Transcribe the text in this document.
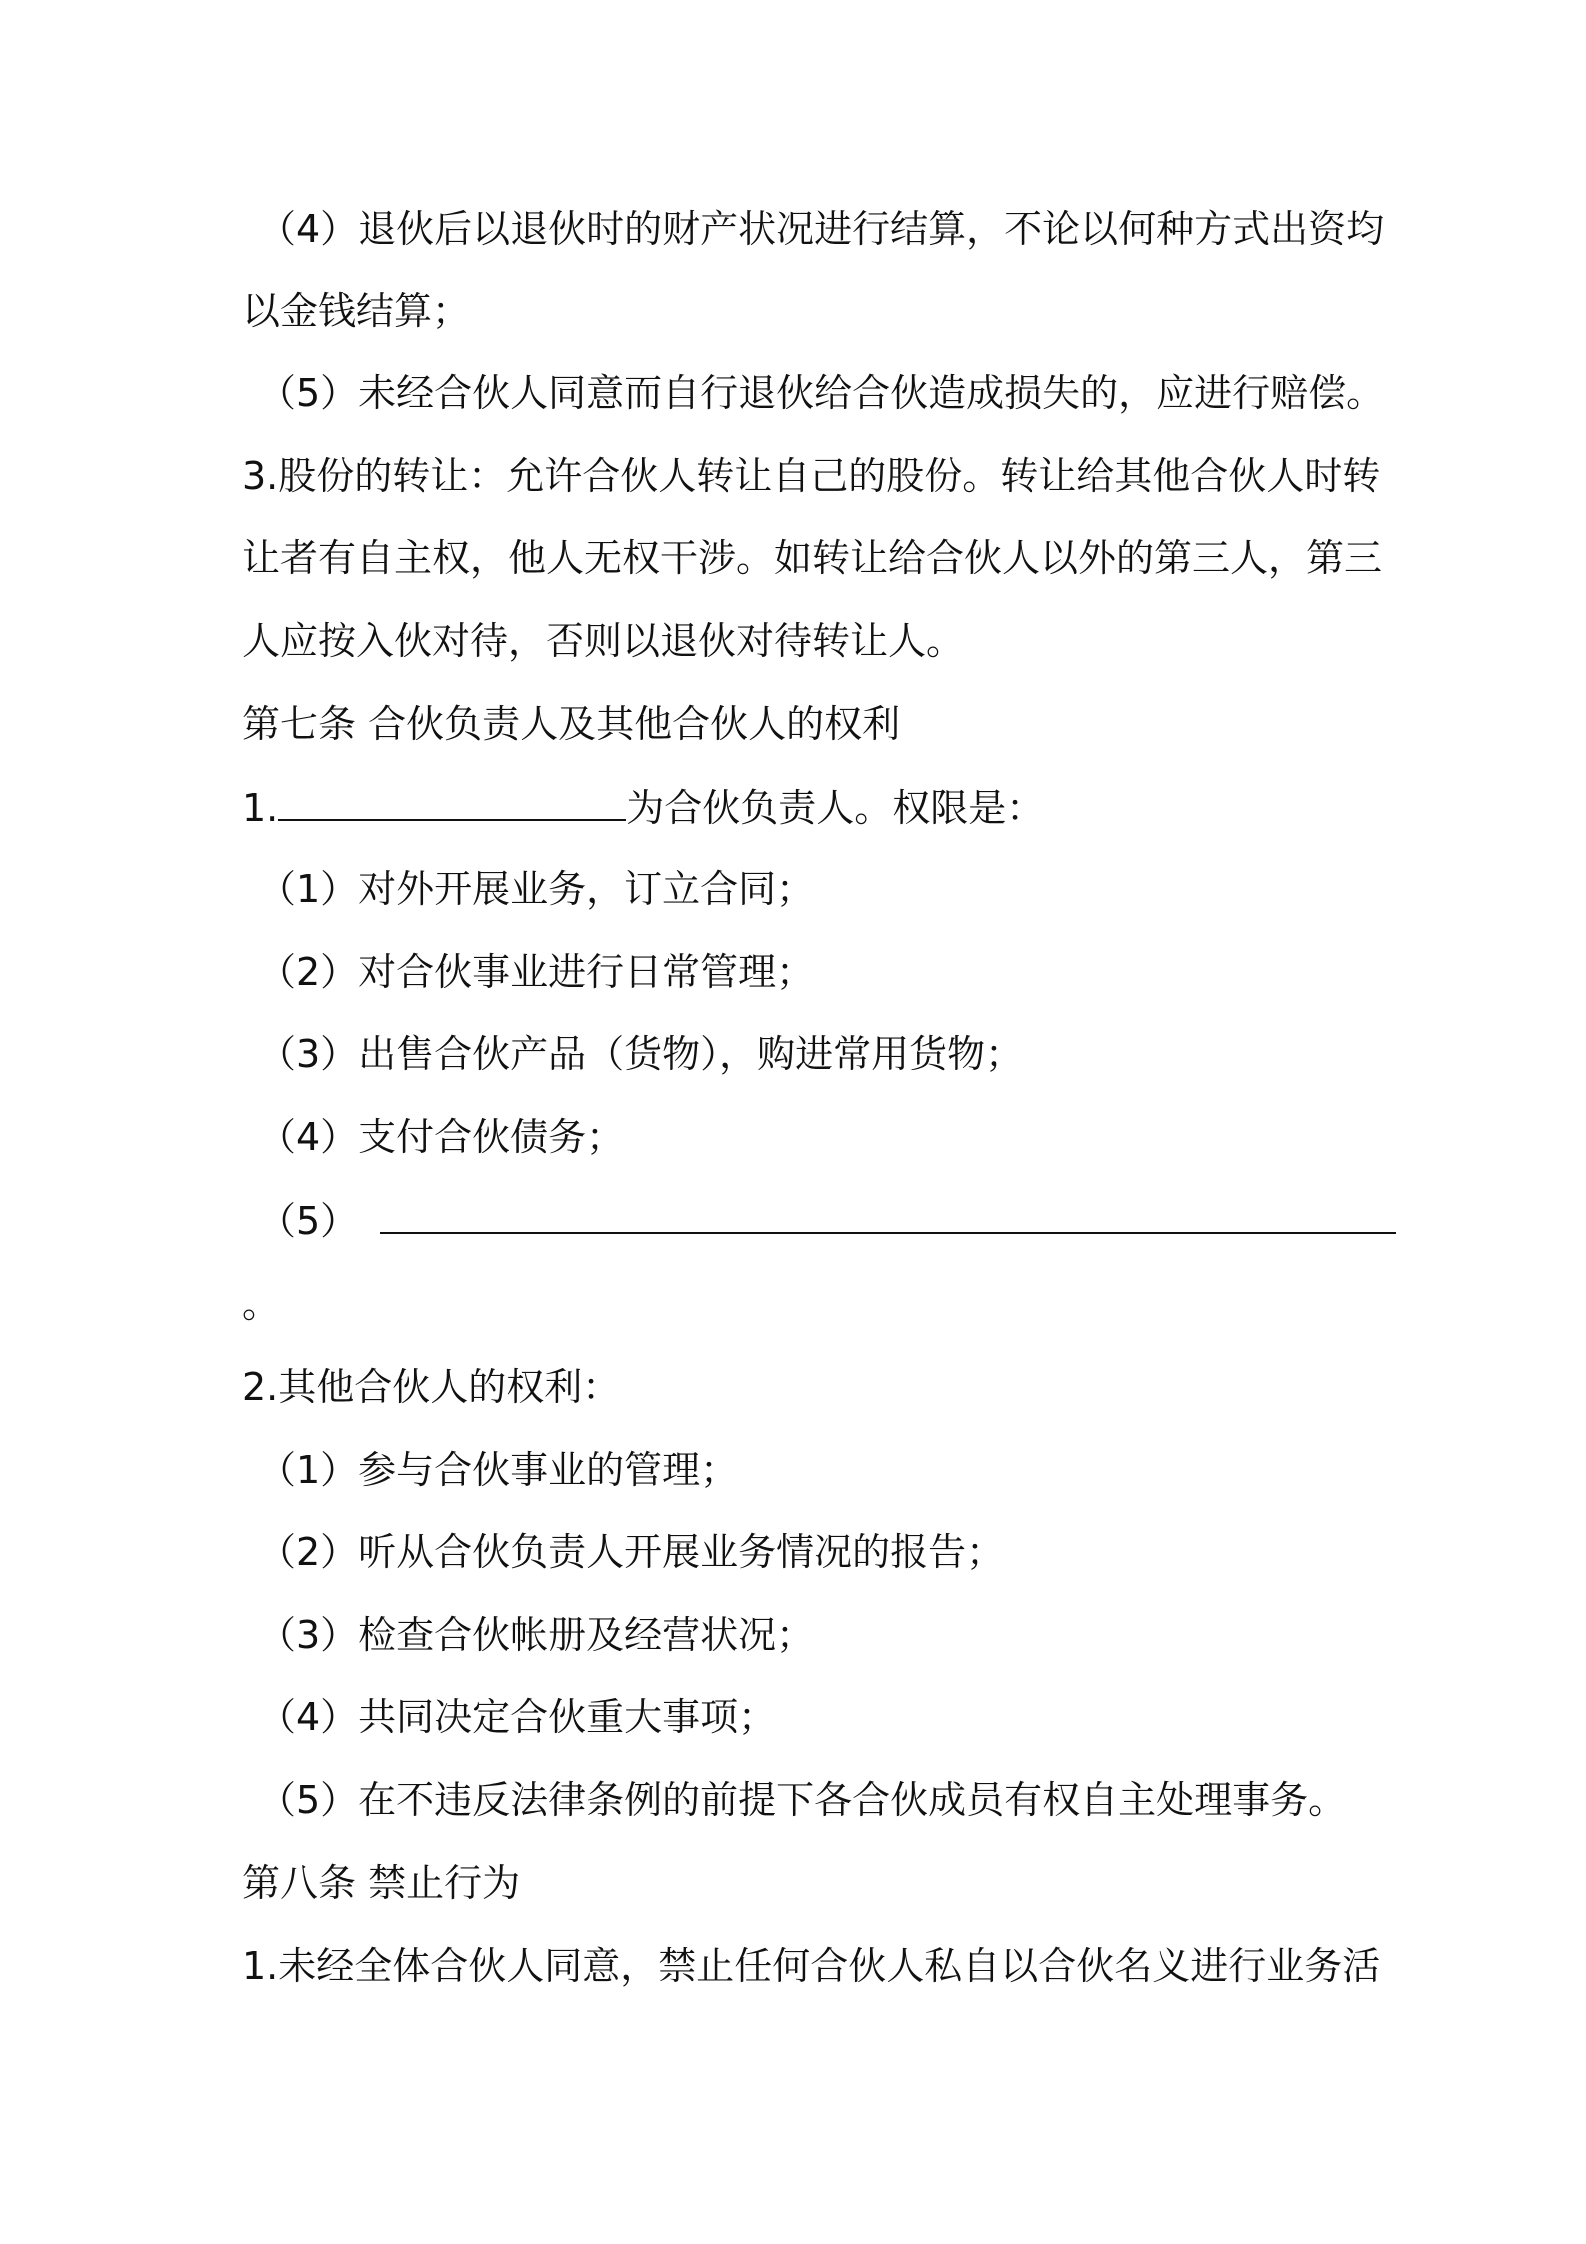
（4）退伙后以退伙时的财产状况进行结算，不论以何种方式出资均
以金钱结算；
（5）未经合伙人同意而自行退伙给合伙造成损失的，应进行赔偿。
3.股份的转让：允许合伙人转让自己的股份。转让给其他合伙人时转
让者有自主权，他人无权干涉。如转让给合伙人以外的第三人，第三
人应按入伙对待，否则以退伙对待转让人。
第七条 合伙负责人及其他合伙人的权利
1.	为合伙负责人。权限是：
（1）对外开展业务，订立合同；
（2）对合伙事业进行日常管理；
（3）出售合伙产品（货物），购进常用货物；
（4）支付合伙债务；
（5）
。
2.其他合伙人的权利：
（1）参与合伙事业的管理；
（2）听从合伙负责人开展业务情况的报告；
（3）检查合伙帐册及经营状况；
（4）共同决定合伙重大事项；
（5）在不违反法律条例的前提下各合伙成员有权自主处理事务。
第八条 禁止行为
1.未经全体合伙人同意，禁止任何合伙人私自以合伙名义进行业务活
